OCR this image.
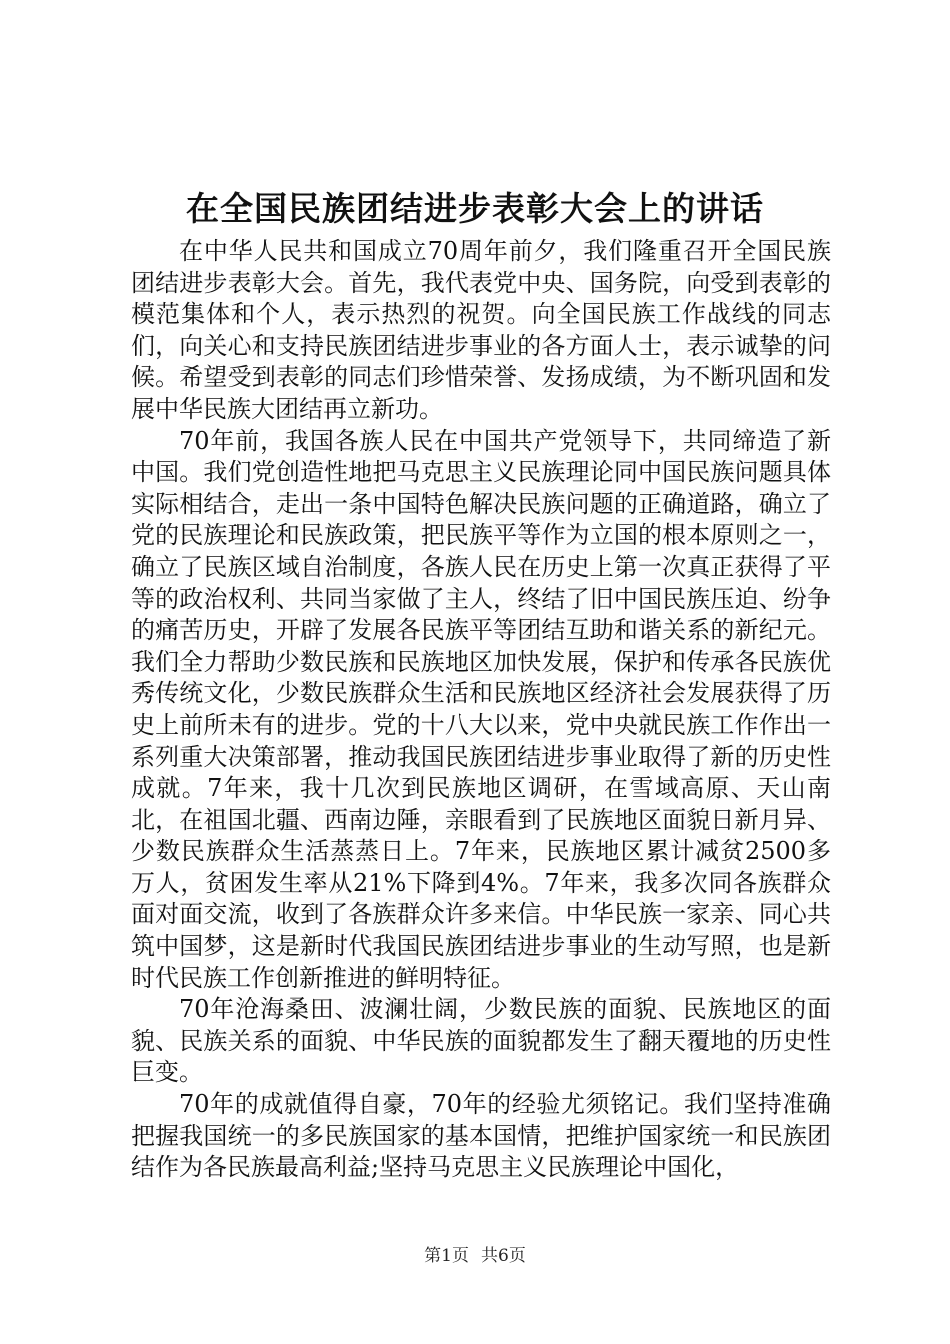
在全国民族团结进步表彰大会上的讲话

在中华人民共和国成立70周年前夕，我们隆重召开全国民族团结进步表彰大会。首先，我代表党中央、国务院，向受到表彰的模范集体和个人，表示热烈的祝贺。向全国民族工作战线的同志们，向关心和支持民族团结进步事业的各方面人士，表示诚挚的问候。希望受到表彰的同志们珍惜荣誉、发扬成绩，为不断巩固和发展中华民族大团结再立新功。

70年前，我国各族人民在中国共产党领导下，共同缔造了新中国。我们党创造性地把马克思主义民族理论同中国民族问题具体实际相结合，走出一条中国特色解决民族问题的正确道路，确立了党的民族理论和民族政策，把民族平等作为立国的根本原则之一，确立了民族区域自治制度，各族人民在历史上第一次真正获得了平等的政治权利、共同当家做了主人，终结了旧中国民族压迫、纷争的痛苦历史，开辟了发展各民族平等团结互助和谐关系的新纪元。我们全力帮助少数民族和民族地区加快发展，保护和传承各民族优秀传统文化，少数民族群众生活和民族地区经济社会发展获得了历史上前所未有的进步。党的十八大以来，党中央就民族工作作出一系列重大决策部署，推动我国民族团结进步事业取得了新的历史性成就。7年来，我十几次到民族地区调研，在雪域高原、天山南北，在祖国北疆、西南边陲，亲眼看到了民族地区面貌日新月异、少数民族群众生活蒸蒸日上。7年来，民族地区累计减贫2500多万人，贫困发生率从21%下降到4%。7年来，我多次同各族群众面对面交流，收到了各族群众许多来信。中华民族一家亲、同心共筑中国梦，这是新时代我国民族团结进步事业的生动写照，也是新时代民族工作创新推进的鲜明特征。

70年沧海桑田、波澜壮阔，少数民族的面貌、民族地区的面貌、民族关系的面貌、中华民族的面貌都发生了翻天覆地的历史性巨变。

70年的成就值得自豪，70年的经验尤须铭记。我们坚持准确把握我国统一的多民族国家的基本国情，把维护国家统一和民族团结作为各民族最高利益;坚持马克思主义民族理论中国化，

第1页 共6页
